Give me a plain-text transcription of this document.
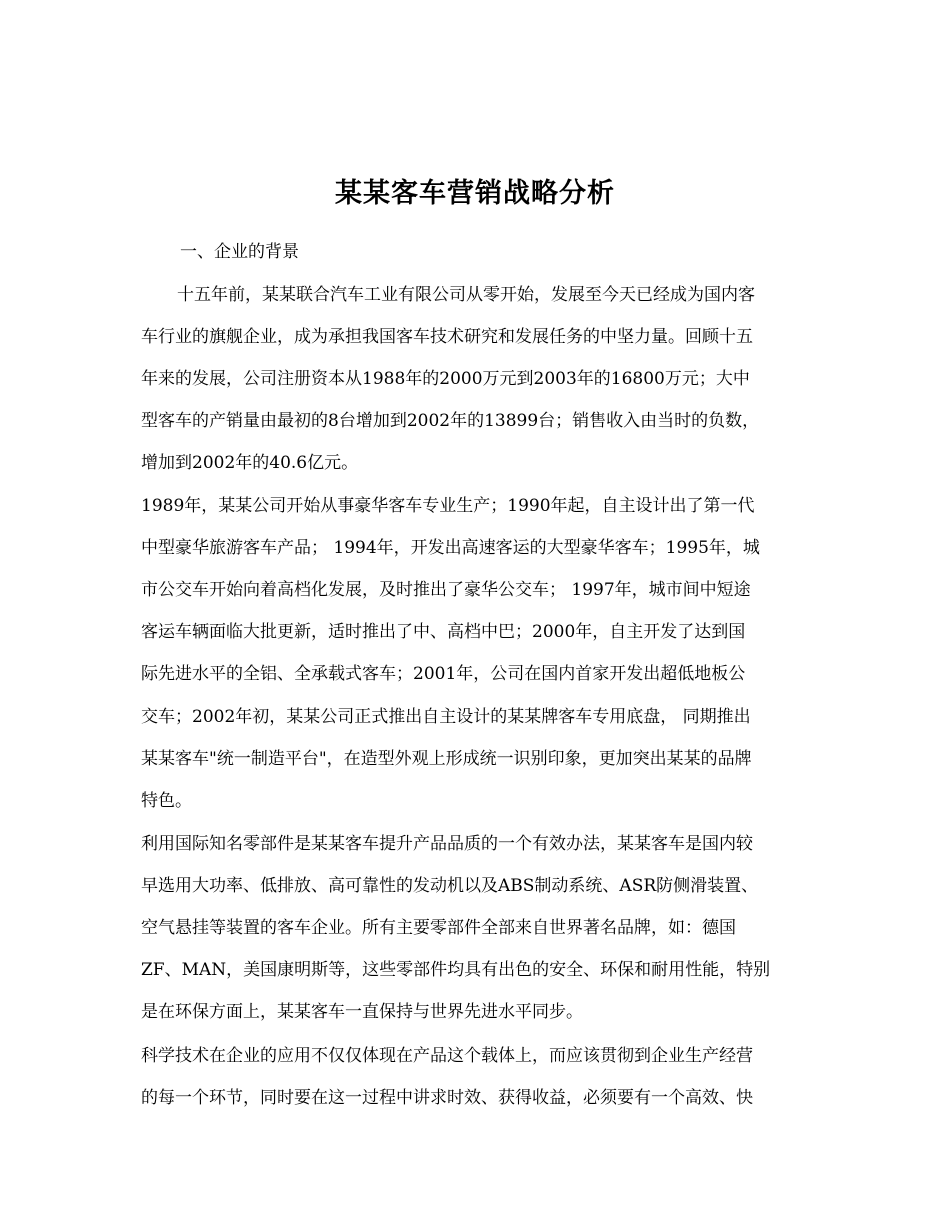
某某客车营销战略分析
一、企业的背景
十五年前，某某联合汽车工业有限公司从零开始，发展至今天已经成为国内客
车行业的旗舰企业，成为承担我国客车技术研究和发展任务的中坚力量。回顾十五
年来的发展，公司注册资本从1988年的2000万元到2003年的16800万元；大中
型客车的产销量由最初的8台增加到2002年的13899台；销售收入由当时的负数，
增加到2002年的40.6亿元。
1989年，某某公司开始从事豪华客车专业生产；1990年起，自主设计出了第一代
中型豪华旅游客车产品； 1994年，开发出高速客运的大型豪华客车；1995年，城
市公交车开始向着高档化发展，及时推出了豪华公交车； 1997年，城市间中短途
客运车辆面临大批更新，适时推出了中、高档中巴；2000年，自主开发了达到国
际先进水平的全铝、全承载式客车；2001年，公司在国内首家开发出超低地板公
交车；2002年初，某某公司正式推出自主设计的某某牌客车专用底盘， 同期推出
某某客车"统一制造平台"，在造型外观上形成统一识别印象，更加突出某某的品牌
特色。
利用国际知名零部件是某某客车提升产品品质的一个有效办法，某某客车是国内较
早选用大功率、低排放、高可靠性的发动机以及ABS制动系统、ASR防侧滑装置、
空气悬挂等装置的客车企业。所有主要零部件全部来自世界著名品牌，如：德国
ZF、MAN，美国康明斯等，这些零部件均具有出色的安全、环保和耐用性能，特别
是在环保方面上，某某客车一直保持与世界先进水平同步。
科学技术在企业的应用不仅仅体现在产品这个载体上，而应该贯彻到企业生产经营
的每一个环节，同时要在这一过程中讲求时效、获得收益，必须要有一个高效、快
